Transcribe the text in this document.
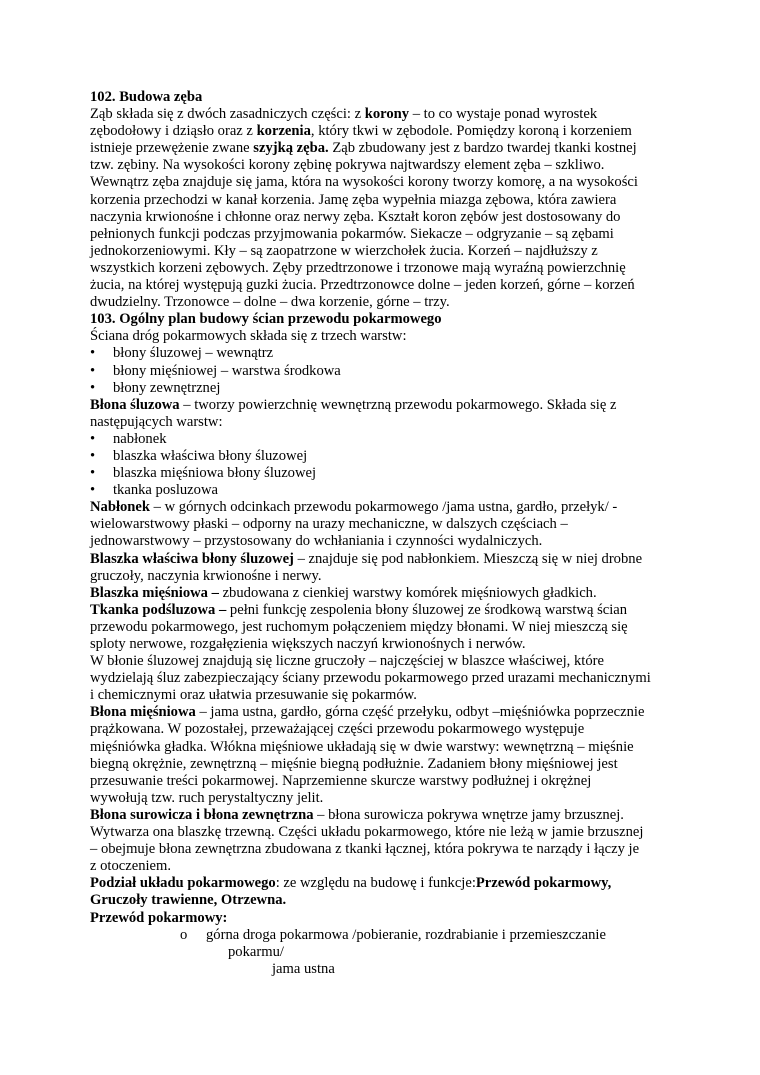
102. Budowa zęba
Ząb składa się z dwóch zasadniczych części: z korony – to co wystaje ponad wyrostek
zębodołowy i dziąsło oraz z korzenia, który tkwi w zębodole. Pomiędzy koroną i korzeniem
istnieje przewężenie zwane szyjką zęba. Ząb zbudowany jest z bardzo twardej tkanki kostnej
tzw. zębiny. Na wysokości korony zębinę pokrywa najtwardszy element zęba – szkliwo.
Wewnątrz zęba znajduje się jama, która na wysokości korony tworzy komorę, a na wysokości
korzenia przechodzi w kanał korzenia. Jamę zęba wypełnia miazga zębowa, która zawiera
naczynia krwionośne i chłonne oraz nerwy zęba. Kształt koron zębów jest dostosowany do
pełnionych funkcji podczas przyjmowania pokarmów. Siekacze – odgryzanie – są zębami
jednokorzeniowymi. Kły – są zaopatrzone w wierzchołek żucia. Korzeń – najdłuższy z
wszystkich korzeni zębowych. Zęby przedtrzonowe i trzonowe mają wyraźną powierzchnię
żucia, na której występują guzki żucia. Przedtrzonowce dolne – jeden korzeń, górne – korzeń
dwudzielny. Trzonowce – dolne – dwa korzenie, górne – trzy.
103. Ogólny plan budowy ścian przewodu pokarmowego
Ściana dróg pokarmowych składa się z trzech warstw:
•	błony śluzowej – wewnątrz
•	błony mięśniowej – warstwa środkowa
•	błony zewnętrznej
Błona śluzowa – tworzy powierzchnię wewnętrzną przewodu pokarmowego. Składa się z
następujących warstw:
•	nabłonek
•	blaszka właściwa błony śluzowej
•	blaszka mięśniowa błony śluzowej
•	tkanka posluzowa
Nabłonek – w górnych odcinkach przewodu pokarmowego /jama ustna, gardło, przełyk/ -
wielowarstwowy płaski – odporny na urazy mechaniczne, w dalszych częściach –
jednowarstwowy – przystosowany do wchłaniania i czynności wydalniczych.
Blaszka właściwa błony śluzowej – znajduje się pod nabłonkiem. Mieszczą się w niej drobne
gruczoły, naczynia krwionośne i nerwy.
Blaszka mięśniowa – zbudowana z cienkiej warstwy komórek mięśniowych gładkich.
Tkanka podśluzowa – pełni funkcję zespolenia błony śluzowej ze środkową warstwą ścian
przewodu pokarmowego, jest ruchomym połączeniem między błonami. W niej mieszczą się
sploty nerwowe, rozgałęzienia większych naczyń krwionośnych i nerwów.
W błonie śluzowej znajdują się liczne gruczoły – najczęściej w blaszce właściwej, które
wydzielają śluz zabezpieczający ściany przewodu pokarmowego przed urazami mechanicznymi
i chemicznymi oraz ułatwia przesuwanie się pokarmów.
Błona mięśniowa – jama ustna, gardło, górna część przełyku, odbyt –mięśniówka poprzecznie
prążkowana. W pozostałej, przeważającej części przewodu pokarmowego występuje
mięśniówka gładka. Włókna mięśniowe układają się w dwie warstwy: wewnętrzną – mięśnie
biegną okrężnie, zewnętrzną – mięśnie biegną podłużnie. Zadaniem błony mięśniowej jest
przesuwanie treści pokarmowej. Naprzemienne skurcze warstwy podłużnej i okrężnej
wywołują tzw. ruch perystaltyczny jelit.
Błona surowicza i błona zewnętrzna – błona surowicza pokrywa wnętrze jamy brzusznej.
Wytwarza ona blaszkę trzewną. Części układu pokarmowego, które nie leżą w jamie brzusznej
– obejmuje błona zewnętrzna zbudowana z tkanki łącznej, która pokrywa te narządy i łączy je
z otoczeniem.
Podział układu pokarmowego: ze względu na budowę i funkcje:Przewód pokarmowy,
Gruczoły trawienne, Otrzewna.
Przewód pokarmowy:
o	górna droga pokarmowa /pobieranie, rozdrabianie i przemieszczanie
pokarmu/
jama ustna
